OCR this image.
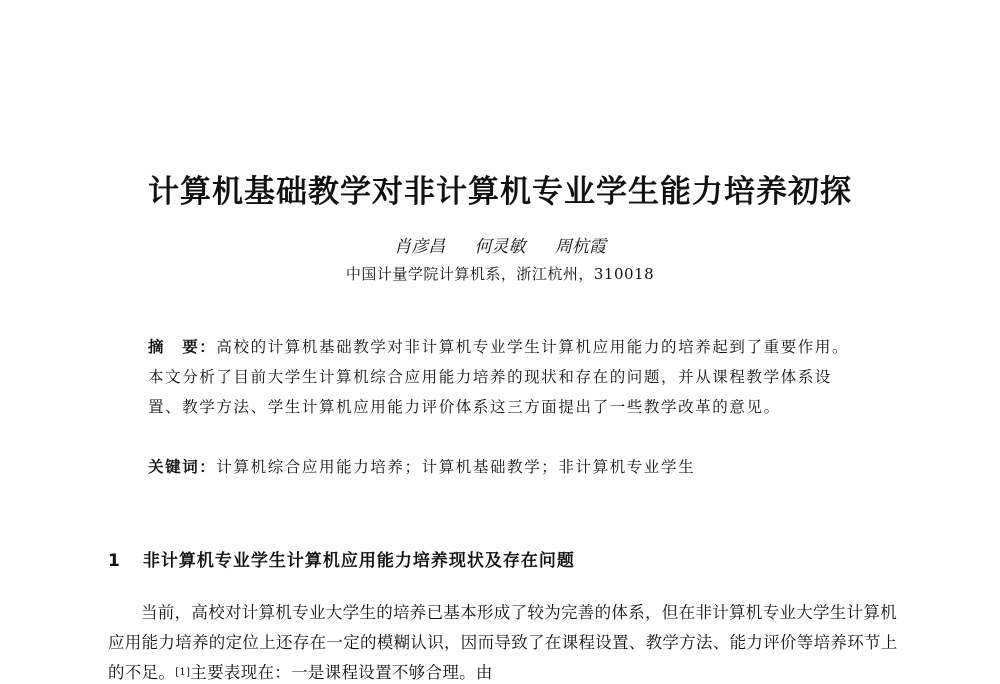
计算机基础教学对非计算机专业学生能力培养初探
肖彦昌 何灵敏 周杭霞
中国计量学院计算机系，浙江杭州，310018

摘　要：高校的计算机基础教学对非计算机专业学生计算机应用能力的培养起到了重要作用。本文分析了目前大学生计算机综合应用能力培养的现状和存在的问题，并从课程教学体系设置、教学方法、学生计算机应用能力评价体系这三方面提出了一些教学改革的意见。

关键词：计算机综合应用能力培养；计算机基础教学；非计算机专业学生
1 非计算机专业学生计算机应用能力培养现状及存在问题

当前，高校对计算机专业大学生的培养已基本形成了较为完善的体系，但在非计算机专业大学生计算机应用能力培养的定位上还存在一定的模糊认识，因而导致了在课程设置、教学方法、能力评价等培养环节上的不足。[1]主要表现在：一是课程设置不够合理。由
